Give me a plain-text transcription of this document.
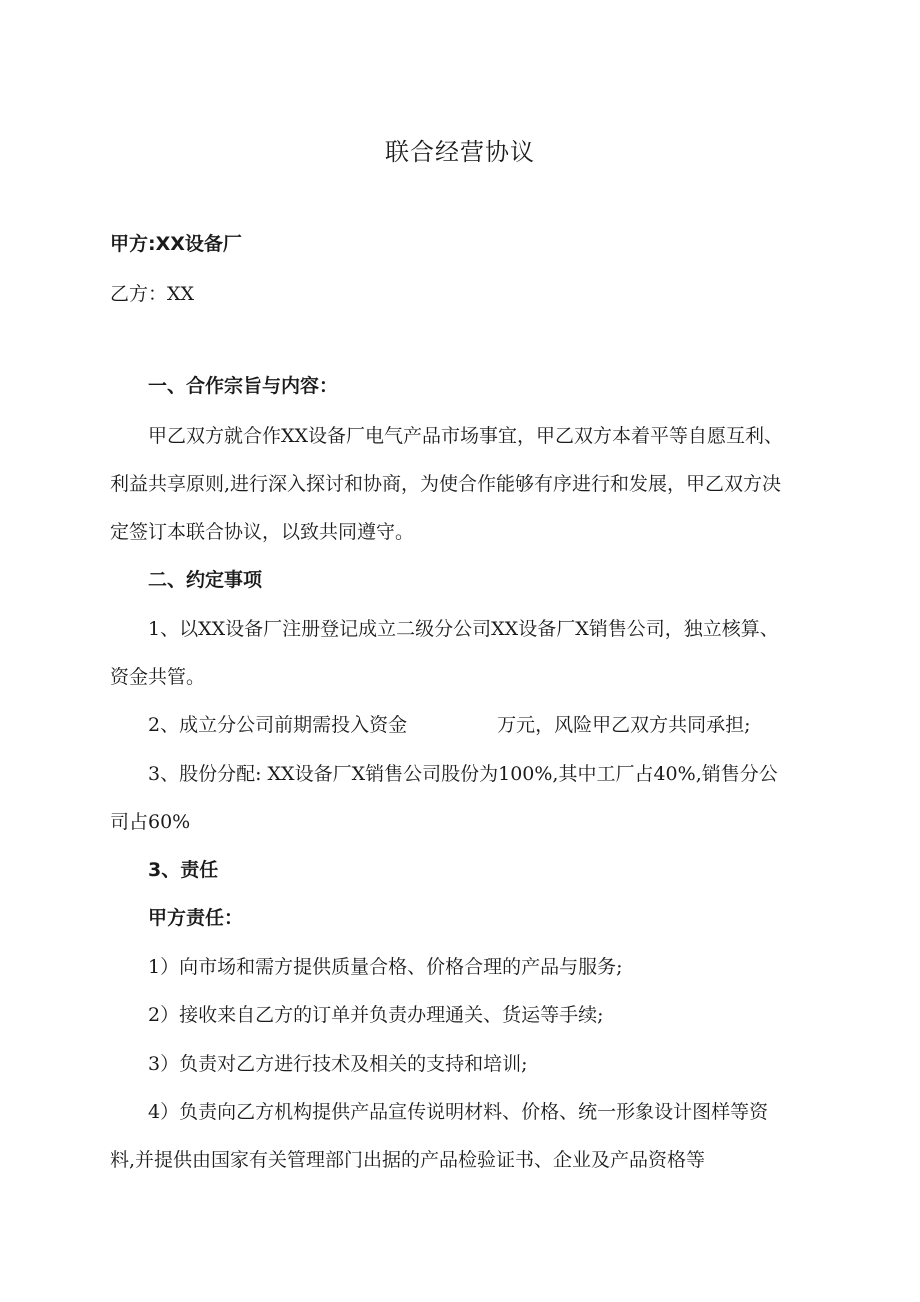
联合经营协议
甲方:XX设备厂
乙方：XX
一、合作宗旨与内容：
甲乙双方就合作XX设备厂电气产品市场事宜，甲乙双方本着平等自愿互利、
利益共享原则,进行深入探讨和协商，为使合作能够有序进行和发展，甲乙双方决
定签订本联合协议，以致共同遵守。
二、约定事项
1、以XX设备厂注册登记成立二级分公司XX设备厂X销售公司，独立核算、
资金共管。
2、成立分公司前期需投入资金	万元，风险甲乙双方共同承担;
3、股份分配: XX设备厂X销售公司股份为100%,其中工厂占40%,销售分公
司占60%
3、责任
甲方责任：
1）向市场和需方提供质量合格、价格合理的产品与服务;
2）接收来自乙方的订单并负责办理通关、货运等手续;
3）负责对乙方进行技术及相关的支持和培训;
4）负责向乙方机构提供产品宣传说明材料、价格、统一形象设计图样等资
料,并提供由国家有关管理部门出据的产品检验证书、企业及产品资格等
